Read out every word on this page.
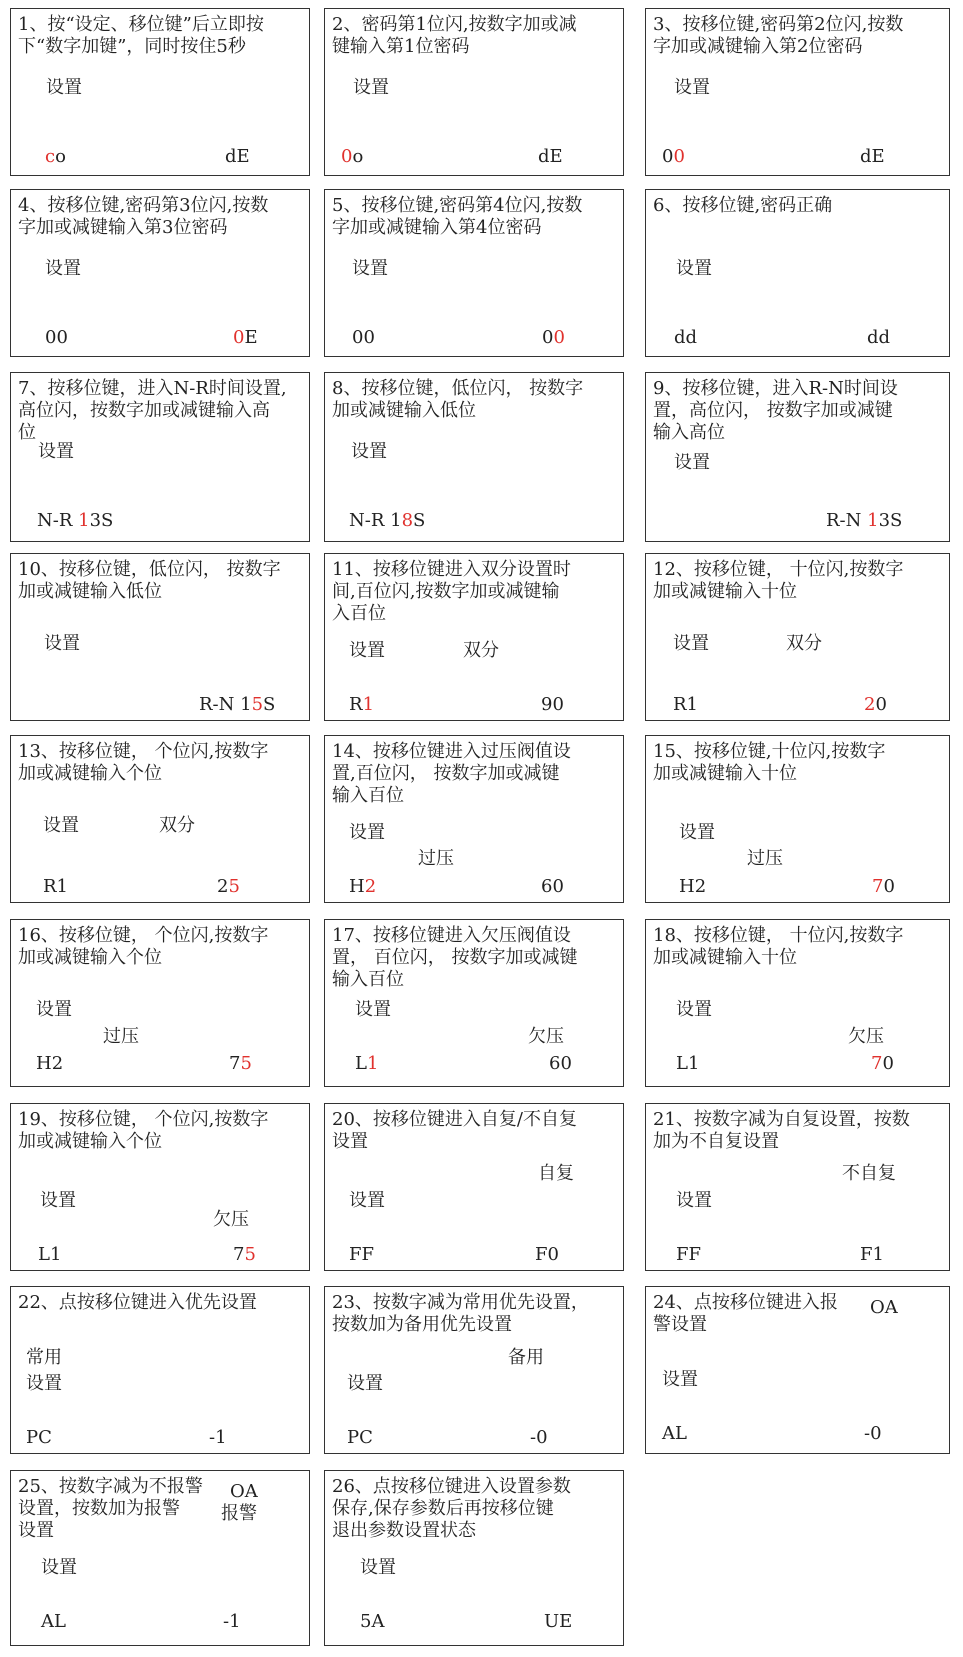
1、按“设定、移位键”后立即按
下“数字加键”，同时按住5秒
设置
co	dE
2、密码第1位闪,按数字加或减
键输入第1位密码
设置
0o	dE
3、按移位键,密码第2位闪,按数
字加或减键输入第2位密码
设置
00	dE
4、按移位键,密码第3位闪,按数
字加或减键输入第3位密码
设置
00	0E
5、按移位键,密码第4位闪,按数
字加或减键输入第4位密码
设置
00	00
6、按移位键,密码正确
设置
dd	dd
7、按移位键，进入N-R时间设置,
高位闪，按数字加或减键输入高
位
设置
N-R 13S
8、按移位键，低位闪， 按数字
加或减键输入低位
设置
N-R 18S
9、按移位键，进入R-N时间设
置，高位闪， 按数字加或减键
输入高位
设置
R-N 13S
10、按移位键，低位闪， 按数字
加或减键输入低位
设置
R-N 15S
11、按移位键进入双分设置时
间,百位闪,按数字加或减键输
入百位
设置	双分
R1	90
12、按移位键， 十位闪,按数字
加或减键输入十位
设置	双分
R1	20
13、按移位键， 个位闪,按数字
加或减键输入个位
设置	双分
R1	25
14、按移位键进入过压阀值设
置,百位闪， 按数字加或减键
输入百位
设置
过压
H2	60
15、按移位键,十位闪,按数字
加或减键输入十位
设置
过压
H2	70
16、按移位键， 个位闪,按数字
加或减键输入个位
设置
过压
H2	75
17、按移位键进入欠压阀值设
置， 百位闪， 按数字加或减键
输入百位
设置
欠压
L1	60
18、按移位键， 十位闪,按数字
加或减键输入十位
设置
欠压
L1	70
19、按移位键， 个位闪,按数字
加或减键输入个位
设置
欠压
L1	75
20、按移位键进入自复/不自复
设置
设置
自复
FF	F0
21、按数字减为自复设置，按数
加为不自复设置
设置
不自复
FF	F1
22、点按移位键进入优先设置
设置
常用
PC	-1
23、按数字减为常用优先设置，
按数加为备用优先设置
设置
备用
PC	-0
24、点按移位键进入报
警设置
设置
OA
AL	-0
25、按数字减为不报警
设置，按数加为报警
设置
设置
OA
报警
AL	-1
26、点按移位键进入设置参数
保存,保存参数后再按移位键
退出参数设置状态
设置
5A	UE
